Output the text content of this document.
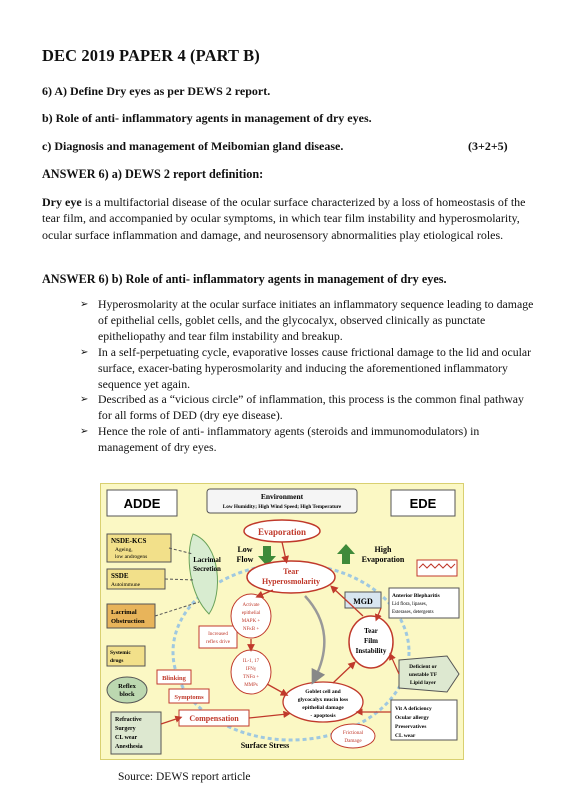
DEC 2019 PAPER 4 (PART B)

6) A) Define Dry eyes as per DEWS 2 report.

b) Role of anti- inflammatory agents in management of dry eyes.

c) Diagnosis and management of Meibomian gland disease.	(3+2+5)

ANSWER 6) a) DEWS 2 report definition:

Dry eye is a multifactorial disease of the ocular surface characterized by a loss of homeostasis of the tear film, and accompanied by ocular symptoms, in which tear film instability and hyperosmolarity, ocular surface inflammation and damage, and neurosensory abnormalities play etiological roles.

ANSWER 6) b) Role of anti- inflammatory agents in management of dry eyes.

➢ Hyperosmolarity at the ocular surface initiates an inflammatory sequence leading to damage of epithelial cells, goblet cells, and the glycocalyx, observed clinically as punctate epitheliopathy and tear film instability and breakup.
➢ In a self-perpetuating cycle, evaporative losses cause frictional damage to the lid and ocular surface, exacer-bating hyperosmolarity and inducing the aforementioned inflammatory sequence yet again.
➢ Described as a “vicious circle” of inflammation, this process is the common final pathway for all forms of DED (dry eye disease).
➢ Hence the role of anti- inflammatory agents (steroids and immunomodulators) in management of dry eyes.
ADDE	EDE
Environment
Low Humidity; High Wind Speed; High Temperature
Evaporation
Lacrimal
Secretion
Low
Flow
High
Evaporation
Tear
Hyperosmolarity
NSDE-KCS
Ageing,
low androgens
SSDE
Autoimmune
Lacrimal
Obstruction
Systemic
drugs
Reflex
block
Refractive
Surgery
CL wear
Anesthesia
Increased
reflex drive
Blinking
Symptoms
Compensation
Activate
epithelial
MAPK +
NFκB +
IL-1, 17
IFNγ
TNFα +
MMPs
Goblet cell and
glycocalyx mucin loss
epithelial damage
- apoptosis
Surface Stress
Frictional
Damage
MGD
Anterior Blepharitis
Lid flora, lipases,
Esterases, detergents
Tear
Film
Instability
Deficient or
unstable TF
Lipid layer
Vit A deficiency
Ocular allergy
Preservatives
CL wear

Source: DEWS report article
